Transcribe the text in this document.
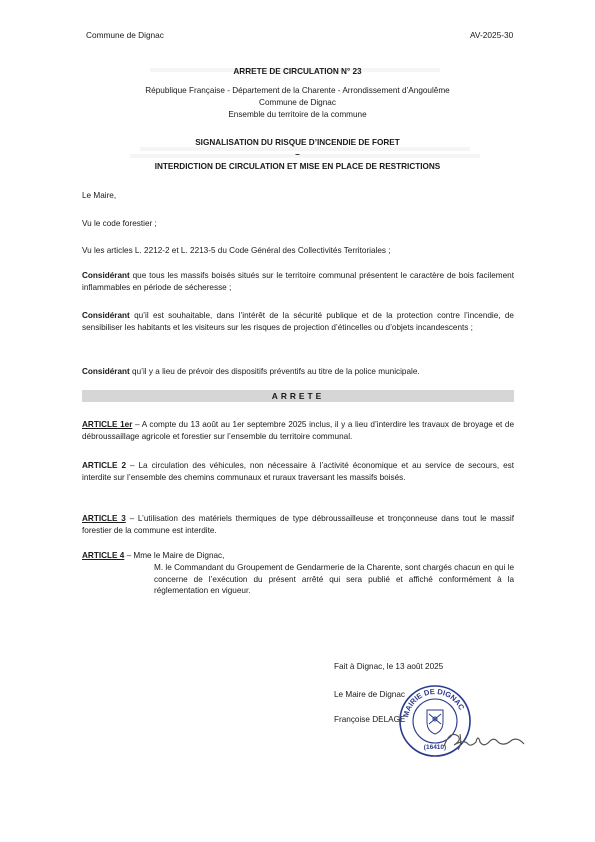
Commune de Dignac	AV-2025-30
ARRETE DE CIRCULATION N° 23
République Française - Département de la Charente - Arrondissement d’Angoulême
Commune de Dignac
Ensemble du territoire de la commune
SIGNALISATION DU RISQUE D’INCENDIE DE FORET
–
INTERDICTION DE CIRCULATION ET MISE EN PLACE DE RESTRICTIONS
Le Maire,
Vu le code forestier ;
Vu les articles L. 2212-2 et L. 2213-5 du Code Général des Collectivités Territoriales ;
Considérant que tous les massifs boisés situés sur le territoire communal présentent le caractère de bois facilement inflammables en période de sécheresse ;
Considérant qu’il est souhaitable, dans l’intérêt de la sécurité publique et de la protection contre l’incendie, de sensibiliser les habitants et les visiteurs sur les risques de projection d’étincelles ou d’objets incandescents ;
Considérant qu’il y a lieu de prévoir des dispositifs préventifs au titre de la police municipale.
ARRETE
ARTICLE 1er – A compte du 13 août au 1er septembre 2025 inclus, il y a lieu d’interdire les travaux de broyage et de débroussaillage agricole et forestier sur l’ensemble du territoire communal.
ARTICLE 2 – La circulation des véhicules, non nécessaire à l’activité économique et au service de secours, est interdite sur l’ensemble des chemins communaux et ruraux traversant les massifs boisés.
ARTICLE 3 – L’utilisation des matériels thermiques de type débroussailleuse et tronçonneuse dans tout le massif forestier de la commune est interdite.
ARTICLE 4 – Mme le Maire de Dignac,
M. le Commandant du Groupement de Gendarmerie de la Charente, sont chargés chacun en qui le concerne de l’exécution du présent arrêté qui sera publié et affiché conformément à la réglementation en vigueur.
Fait à Dignac, le 13 août 2025
Le Maire de Dignac
Françoise DELAGE
MAIRIE DE DIGNAC
(16410)
